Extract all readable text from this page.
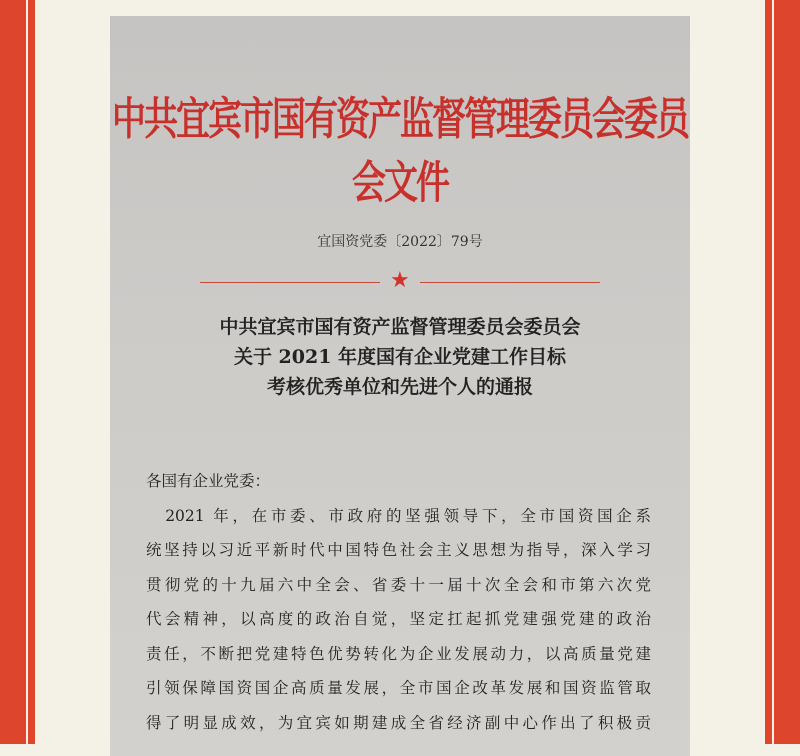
中共宜宾市国有资产监督管理委员会委员会文件
宜国资党委〔2022〕79号
★
中共宜宾市国有资产监督管理委员会委员会
关于 2021 年度国有企业党建工作目标
考核优秀单位和先进个人的通报

各国有企业党委：

　2021 年，在市委、市政府的坚强领导下，全市国资国企系

统坚持以习近平新时代中国特色社会主义思想为指导，深入学习

贯彻党的十九届六中全会、省委十一届十次全会和市第六次党

代会精神，以高度的政治自觉，坚定扛起抓党建强党建的政治

责任，不断把党建特色优势转化为企业发展动力，以高质量党建

引领保障国资国企高质量发展，全市国企改革发展和国资监管取

得了明显成效，为宜宾如期建成全省经济副中心作出了积极贡
